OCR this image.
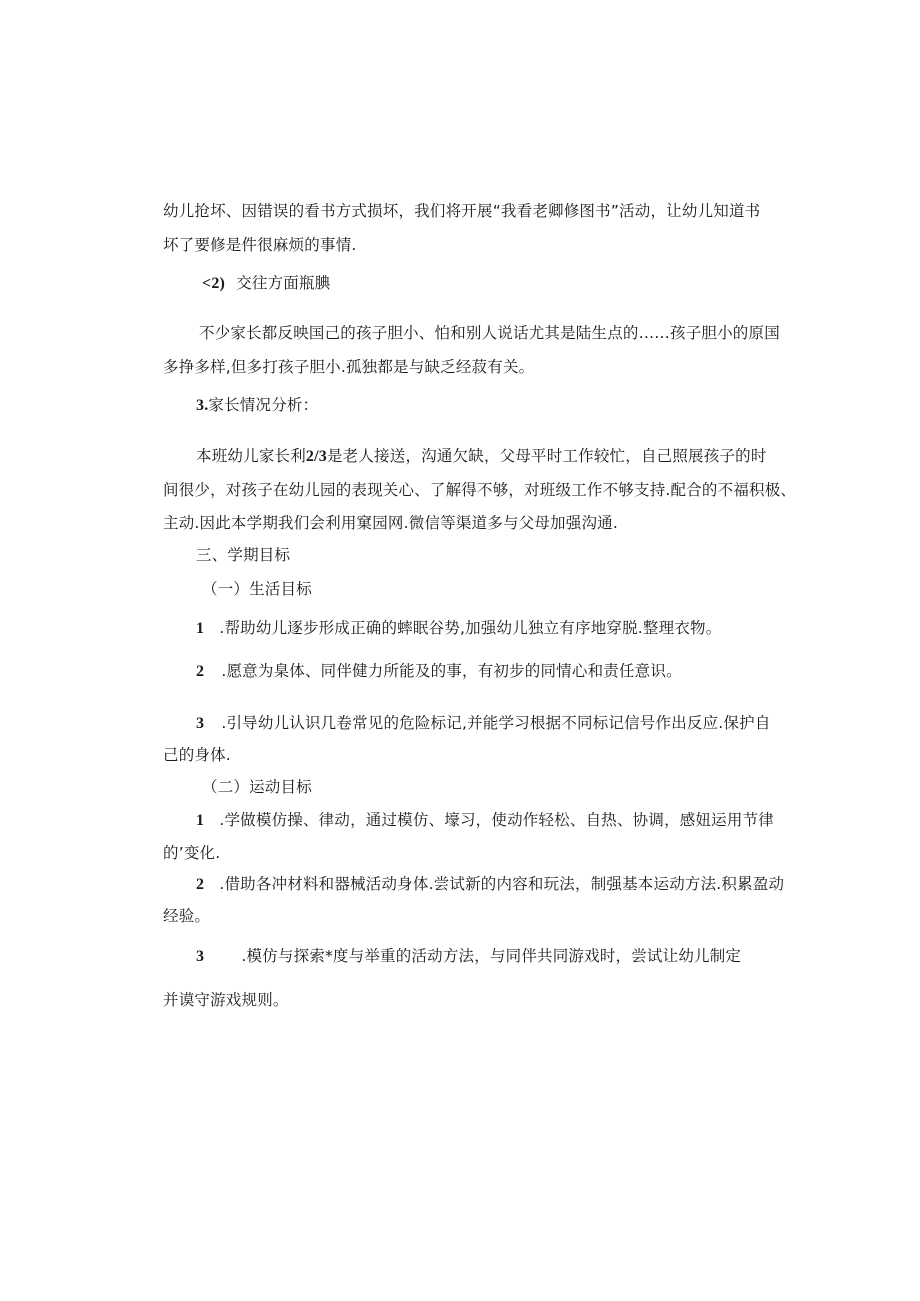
幼儿抢坏、因错误的看书方式损坏，我们将开展“我看老卿修图书”活动，让幼儿知道书
坏了要修是件很麻烦的事情.
<2) 交往方面瓶腆
不少家长都反映国己的孩子胆小、怕和别人说话尤其是陆生点的……孩子胆小的原国
多挣多样,但多打孩子胆小.孤独都是与缺乏经菽有关。
3.家长情况分析：
本班幼儿家长利2/3是老人接送，沟通欠缺，父母平时工作较忙，自己照展孩子的时
间很少，对孩子在幼儿园的表现关心、了解得不够，对班级工作不够支持.配合的不福积极、
主动.因此本学期我们会利用窠园网.微信等渠道多与父母加强沟通.
三、学期目标
（一）生活目标
1 .帮助幼儿逐步形成正确的蟀眠谷势,加强幼儿独立有序地穿脱.整理衣物。
2 .愿意为臬体、同伴健力所能及的事，有初步的同情心和责任意识。
3 .引导幼儿认识几卷常见的危险标记,并能学习根据不同标记信号作出反应.保护自
己的身体.
（二）运动目标
1 .学做模仿操、律动，通过模仿、壕习，使动作轻松、自热、协调，感妞运用节律
的’变化.
2 .借助各冲材料和器械活动身体.尝试新的内容和玩法，制强基本运动方法.积累盈动
经验。
3 .模仿与探索*度与举重的活动方法，与同伴共同游戏时，尝试让幼儿制定
并谟守游戏规则。
